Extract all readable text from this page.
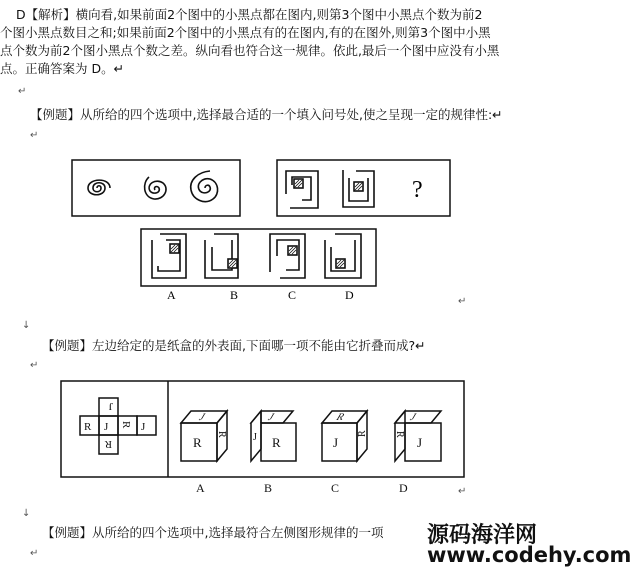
D【解析】横向看,如果前面2个图中的小黑点都在图内,则第3个图中小黑点个数为前2
个图小黑点数目之和;如果前面2个图中的小黑点有的在图内,有的在图外,则第3个图中小黑
点个数为前2个图小黑点个数之差。纵向看也符合这一规律。依此,最后一个图中应没有小黑
点。正确答案为 D。↵
↵
【例题】从所给的四个选项中,选择最合适的一个填入问号处,使之呈现一定的规律性:↵
↵
?
A	B	C	D	↵
↓
【例题】左边给定的是纸盒的外表面,下面哪一项不能由它折叠而成?↵
↵
J
R J R J
R	R	R	J	J
J
R
J
J
R
R
J
R
A	B	C	D	↵
↓
【例题】从所给的四个选项中,选择最符合左侧图形规律的一项
↵
源码海洋网
www.codehy.com
